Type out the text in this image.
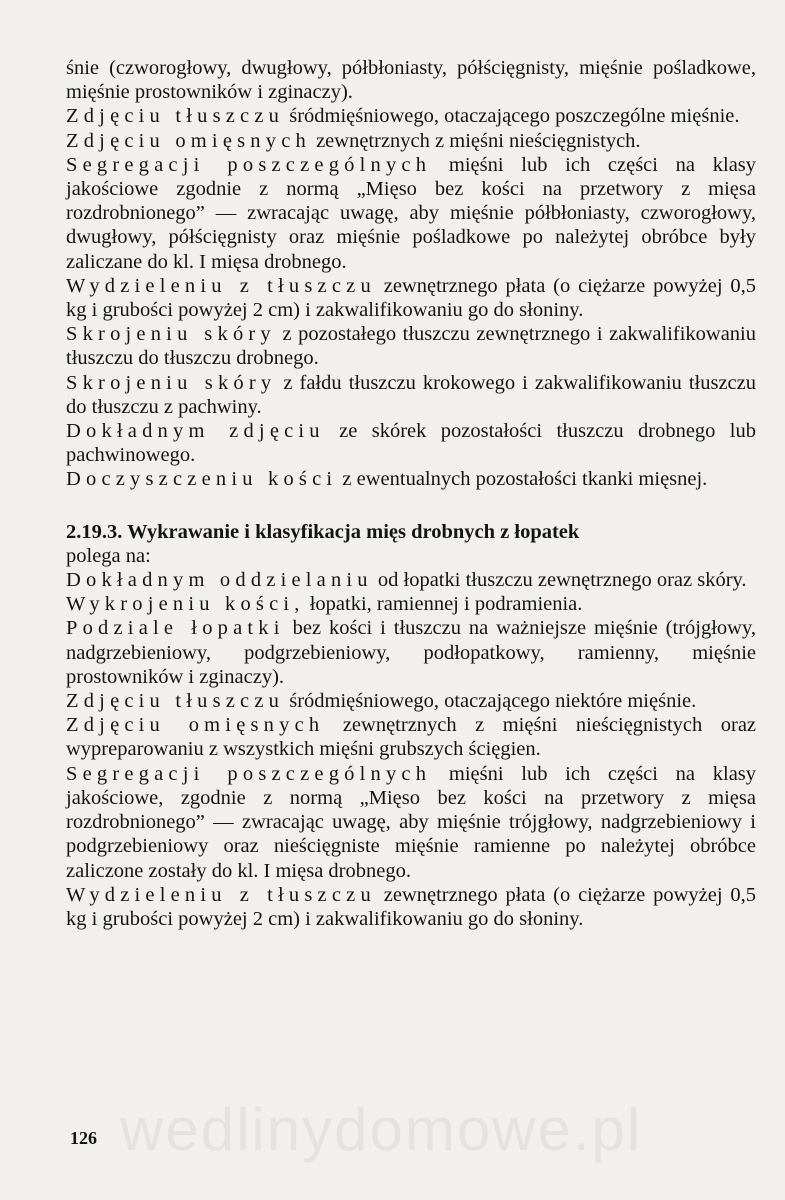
śnie (czworogłowy, dwugłowy, półbłoniasty, półścięgnisty, mięśnie pośladkowe, mięśnie prostowników i zginaczy).

Zdjęciu tłuszczu śródmięśniowego, otaczającego poszczególne mięśnie.

Zdjęciu omięsnych zewnętrznych z mięśni nieścięgnistych.

Segregacji poszczególnych mięśni lub ich części na klasy jakościowe zgodnie z normą „Mięso bez kości na przetwory z mięsa rozdrobnionego” — zwracając uwagę, aby mięśnie półbłoniasty, czworogłowy, dwugłowy, półścięgnisty oraz mięśnie pośladkowe po należytej obróbce były zaliczane do kl. I mięsa drobnego.

Wydzieleniu z tłuszczu zewnętrznego płata (o ciężarze powyżej 0,5 kg i grubości powyżej 2 cm) i zakwalifikowaniu go do słoniny.

Skrojeniu skóry z pozostałego tłuszczu zewnętrznego i zakwalifikowaniu tłuszczu do tłuszczu drobnego.

Skrojeniu skóry z fałdu tłuszczu krokowego i zakwalifikowaniu tłuszczu do tłuszczu z pachwiny.

Dokładnym zdjęciu ze skórek pozostałości tłuszczu drobnego lub pachwinowego.

Doczyszczeniu kości z ewentualnych pozostałości tkanki mięsnej.

2.19.3. Wykrawanie i klasyfikacja mięs drobnych z łopatek

polega na:

Dokładnym oddzielaniu od łopatki tłuszczu zewnętrznego oraz skóry.

Wykrojeniu kości, łopatki, ramiennej i podramienia.

Podziale łopatki bez kości i tłuszczu na ważniejsze mięśnie (trójgłowy, nadgrzebieniowy, podgrzebieniowy, podłopatkowy, ramienny, mięśnie prostowników i zginaczy).

Zdjęciu tłuszczu śródmięśniowego, otaczającego niektóre mięśnie.

Zdjęciu omięsnych zewnętrznych z mięśni nieścięgnistych oraz wypreparowaniu z wszystkich mięśni grubszych ścięgien.

Segregacji poszczególnych mięśni lub ich części na klasy jakościowe, zgodnie z normą „Mięso bez kości na przetwory z mięsa rozdrobnionego” — zwracając uwagę, aby mięśnie trójgłowy, nadgrzebieniowy i podgrzebieniowy oraz nieścięgniste mięśnie ramienne po należytej obróbce zaliczone zostały do kl. I mięsa drobnego.

Wydzieleniu z tłuszczu zewnętrznego płata (o ciężarze powyżej 0,5 kg i grubości powyżej 2 cm) i zakwalifikowaniu go do słoniny.

wedlinydomowe.pl
126
